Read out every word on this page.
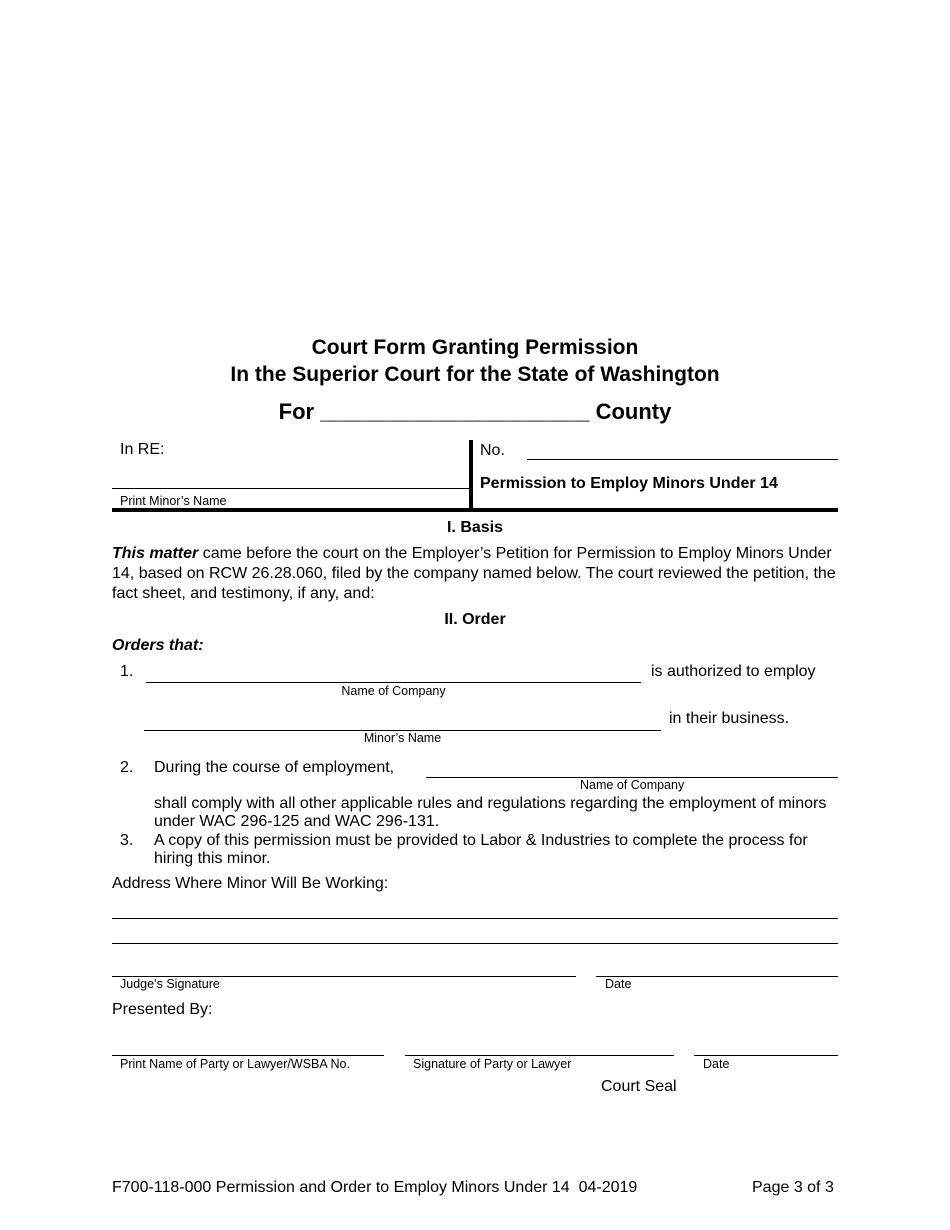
Court Form Granting Permission
In the Superior Court for the State of Washington
For ______________________ County
In RE:
Print Minor’s Name
No.
Permission to Employ Minors Under 14
I. Basis
This matter came before the court on the Employer’s Petition for Permission to Employ Minors Under 14, based on RCW 26.28.060, filed by the company named below. The court reviewed the petition, the fact sheet, and testimony, if any, and:
II. Order
Orders that:
1.	is authorized to employ
Name of Company
in their business.
Minor’s Name
2. During the course of employment,
Name of Company
shall comply with all other applicable rules and regulations regarding the employment of minors under WAC 296-125 and WAC 296-131.
3. A copy of this permission must be provided to Labor & Industries to complete the process for hiring this minor.
Address Where Minor Will Be Working:
Judge’s Signature	Date
Presented By:
Print Name of Party or Lawyer/WSBA No.	Signature of Party or Lawyer	Date
Court Seal
F700-118-000 Permission and Order to Employ Minors Under 14  04-2019	Page 3 of 3
